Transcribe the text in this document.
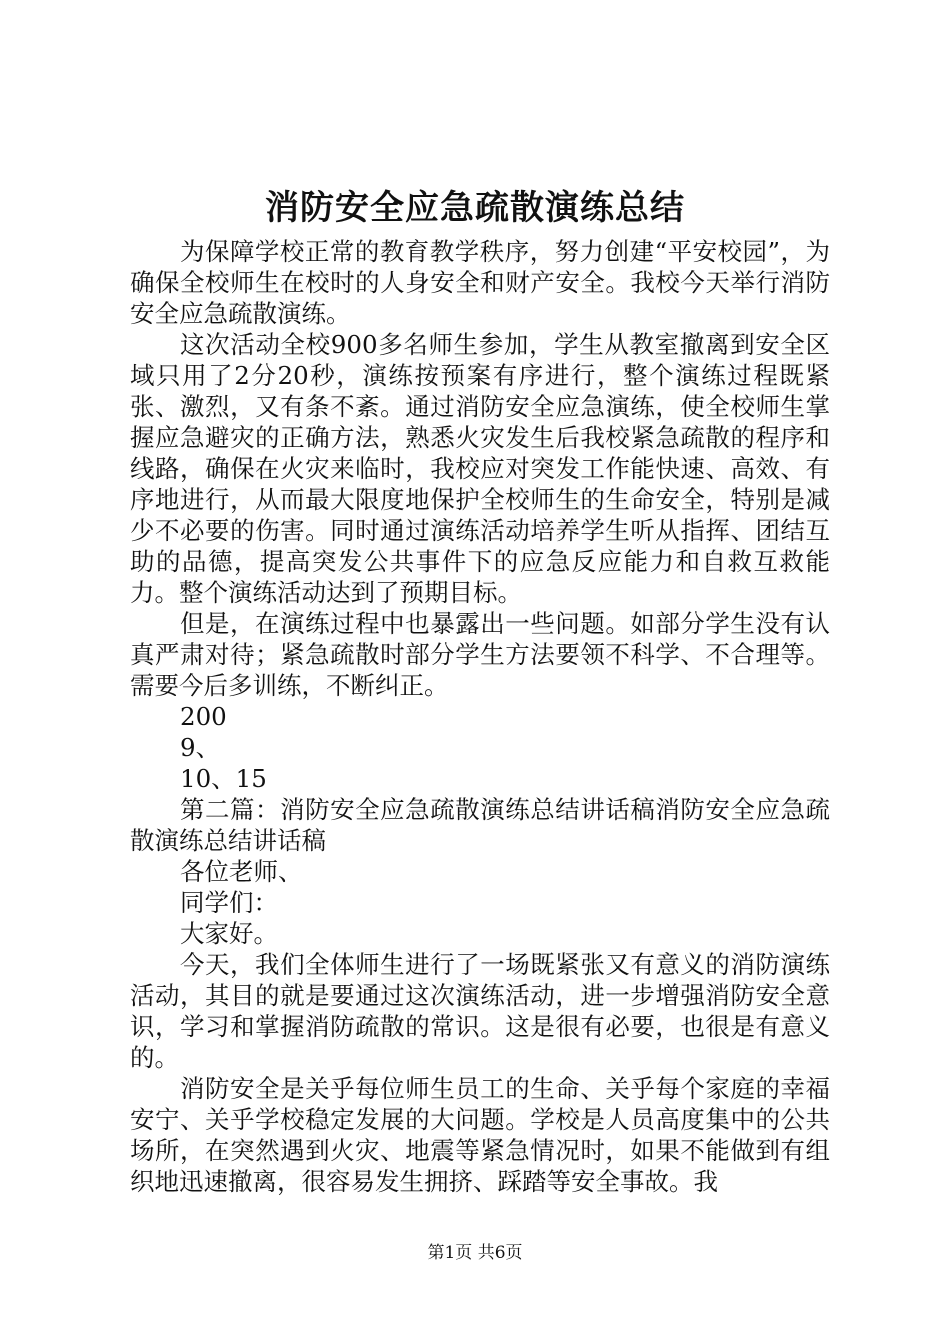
消防安全应急疏散演练总结

为保障学校正常的教育教学秩序，努力创建“平安校园”，为确保全校师生在校时的人身安全和财产安全。我校今天举行消防安全应急疏散演练。

这次活动全校900多名师生参加，学生从教室撤离到安全区域只用了2分20秒，演练按预案有序进行，整个演练过程既紧张、激烈，又有条不紊。通过消防安全应急演练，使全校师生掌握应急避灾的正确方法，熟悉火灾发生后我校紧急疏散的程序和线路，确保在火灾来临时，我校应对突发工作能快速、高效、有序地进行，从而最大限度地保护全校师生的生命安全，特别是减少不必要的伤害。同时通过演练活动培养学生听从指挥、团结互助的品德，提高突发公共事件下的应急反应能力和自救互救能力。整个演练活动达到了预期目标。

但是，在演练过程中也暴露出一些问题。如部分学生没有认真严肃对待；紧急疏散时部分学生方法要领不科学、不合理等。需要今后多训练，不断纠正。

200

9、

10、15

第二篇：消防安全应急疏散演练总结讲话稿消防安全应急疏散演练总结讲话稿

各位老师、

同学们：

大家好。

今天，我们全体师生进行了一场既紧张又有意义的消防演练活动，其目的就是要通过这次演练活动，进一步增强消防安全意识，学习和掌握消防疏散的常识。这是很有必要，也很是有意义的。

消防安全是关乎每位师生员工的生命、关乎每个家庭的幸福安宁、关乎学校稳定发展的大问题。学校是人员高度集中的公共场所，在突然遇到火灾、地震等紧急情况时，如果不能做到有组织地迅速撤离，很容易发生拥挤、踩踏等安全事故。我

第1页 共6页
